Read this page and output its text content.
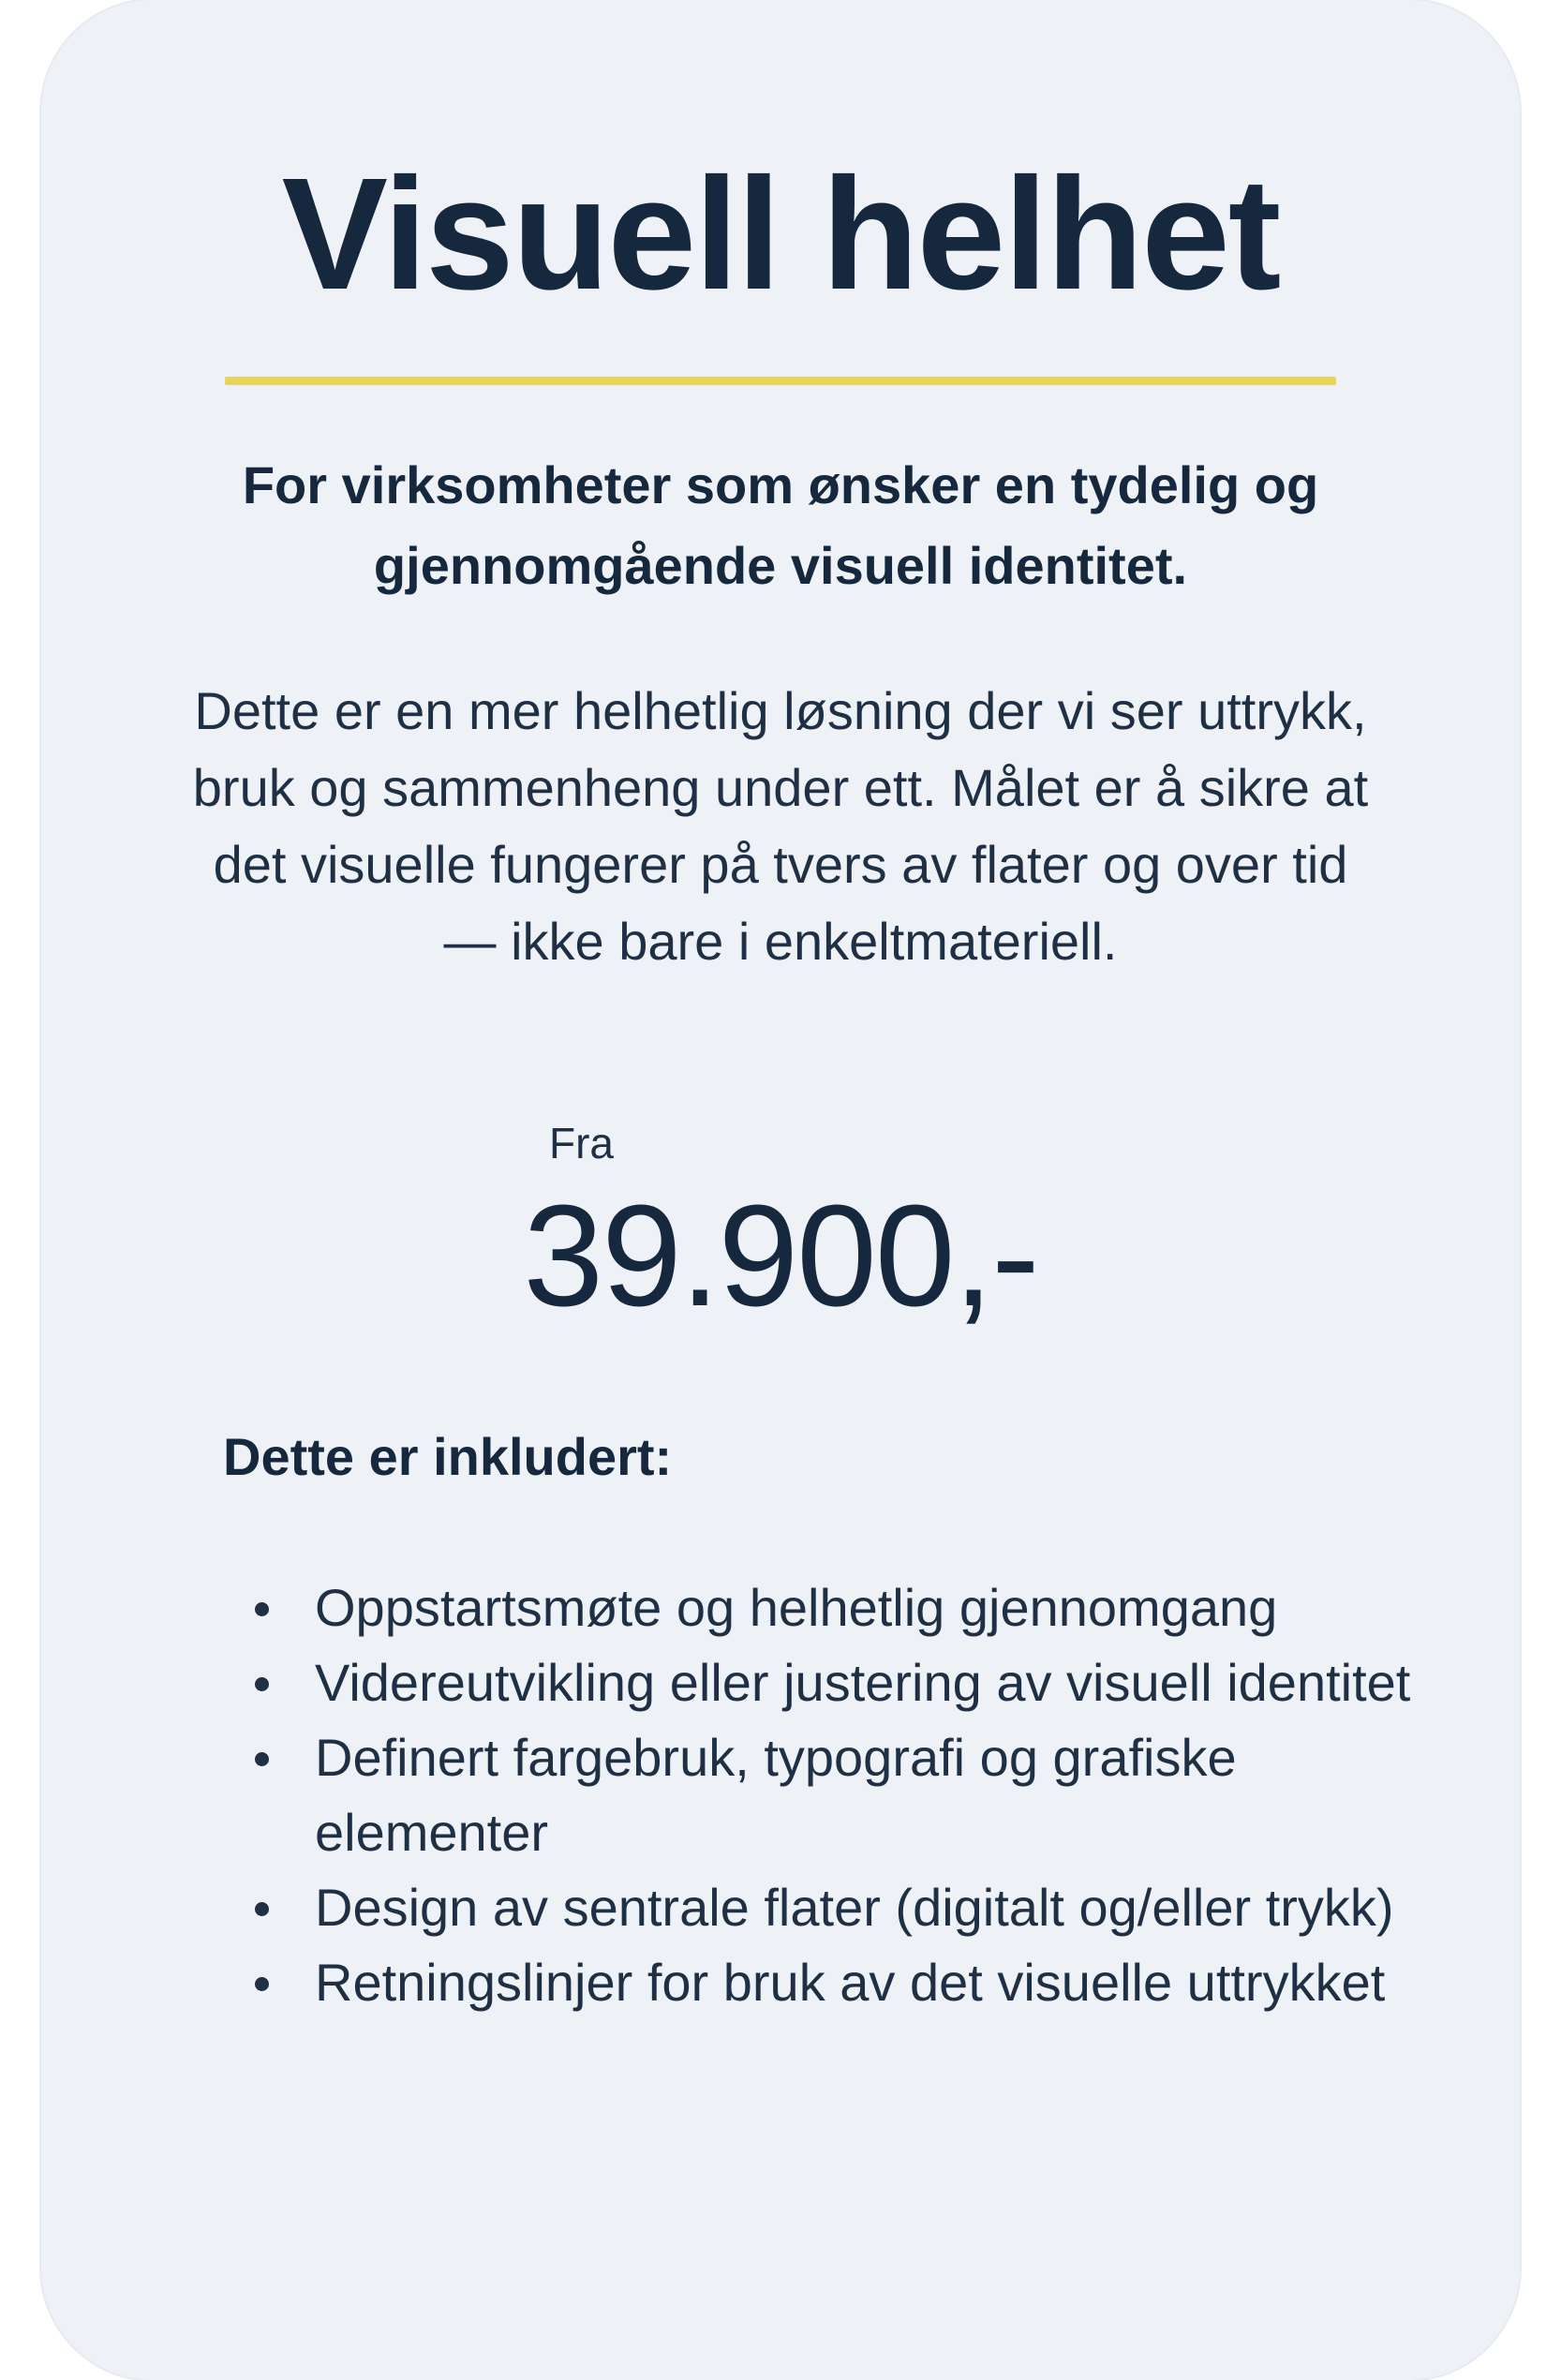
Visuell helhet

For virksomheter som ønsker en tydelig og gjennomgående visuell identitet.

Dette er en mer helhetlig løsning der vi ser uttrykk, bruk og sammenheng under ett. Målet er å sikre at det visuelle fungerer på tvers av flater og over tid — ikke bare i enkeltmateriell.

Fra

39.900,-

Dette er inkludert:

Oppstartsmøte og helhetlig gjennomgang
Videreutvikling eller justering av visuell identitet
Definert fargebruk, typografi og grafiske elementer
Design av sentrale flater (digitalt og/eller trykk)
Retningslinjer for bruk av det visuelle uttrykket
